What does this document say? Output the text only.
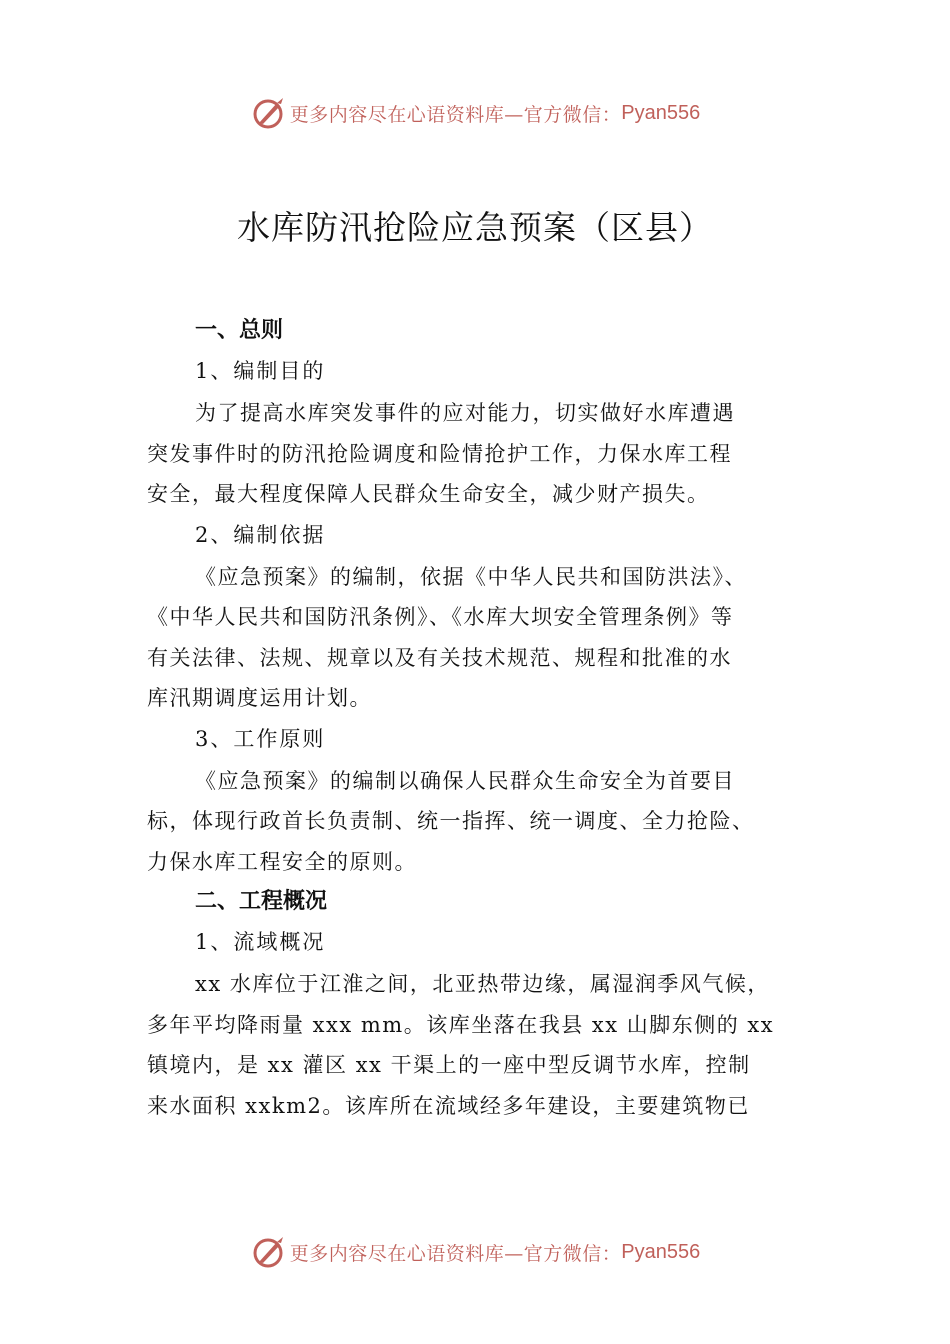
更多内容尽在心语资料库—官方微信： Pyan556
水库防汛抢险应急预案（区县）
一、总则
1、编制目的
为了提高水库突发事件的应对能力，切实做好水库遭遇
突发事件时的防汛抢险调度和险情抢护工作，力保水库工程
安全，最大程度保障人民群众生命安全，减少财产损失。
2、编制依据
《应急预案》的编制，依据《中华人民共和国防洪法》、
《中华人民共和国防汛条例》、《水库大坝安全管理条例》等
有关法律、法规、规章以及有关技术规范、规程和批准的水
库汛期调度运用计划。
3、工作原则
《应急预案》的编制以确保人民群众生命安全为首要目
标，体现行政首长负责制、统一指挥、统一调度、全力抢险、
力保水库工程安全的原则。
二、工程概况
1、流域概况
xx 水库位于江淮之间，北亚热带边缘，属湿润季风气候，
多年平均降雨量 xxx mm。该库坐落在我县 xx 山脚东侧的 xx
镇境内，是 xx 灌区 xx 干渠上的一座中型反调节水库，控制
来水面积 xxkm2。该库所在流域经多年建设，主要建筑物已
更多内容尽在心语资料库—官方微信： Pyan556
